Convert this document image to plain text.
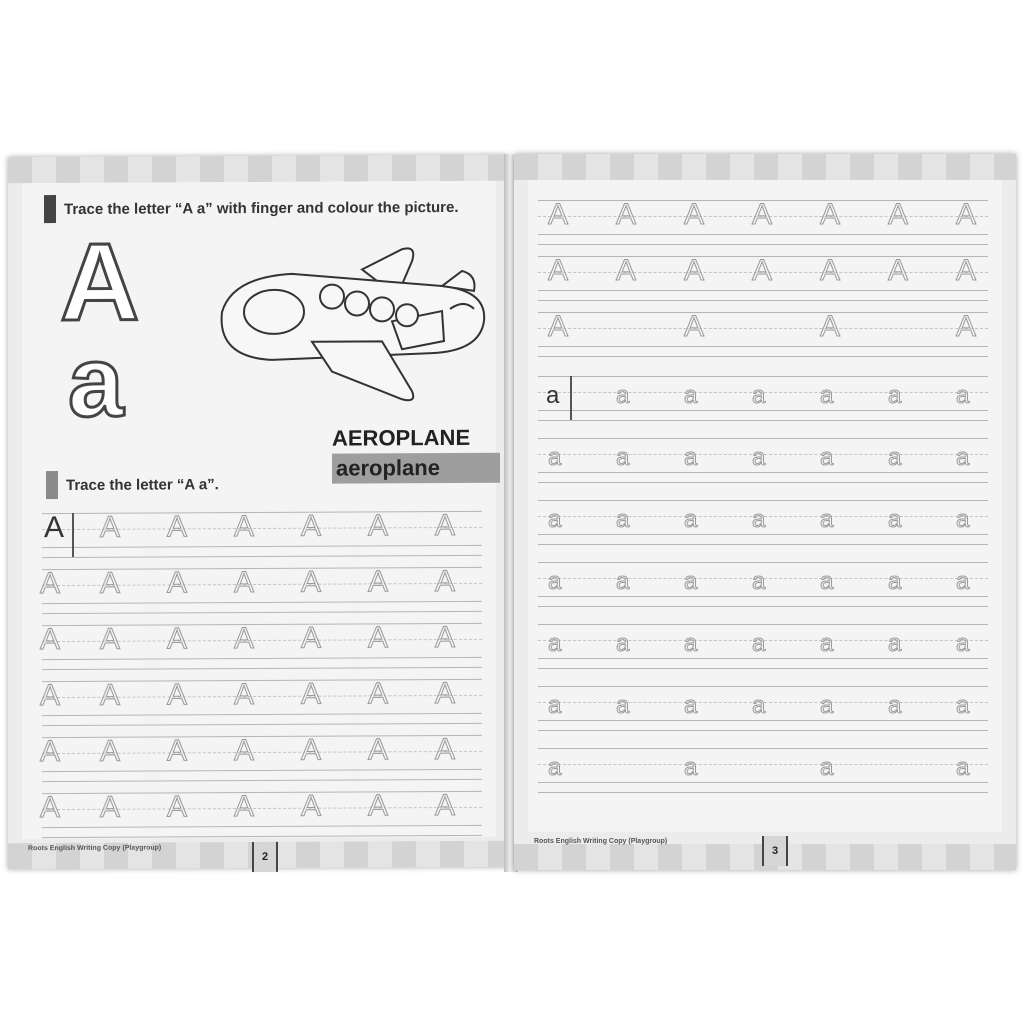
Trace the letter “A a” with finger and colour the picture.
A
a	AEROPLANE
aeroplane
Trace the letter “A a”.
A A A A A A A
A A A A A A A
A A A A A A A
A A A A A A A
A A A A A A A
A A A A A A A
Roots English Writing Copy (Playgroup)
2
A A A A A A A
A A A A A A A
A	A	A	A
a a a a a a a
a a a a a a a
a a a a a a a
a a a a a a a
a a a a a a a
a a a a a a a
a	a	a	a
Roots English Writing Copy (Playgroup)
3
